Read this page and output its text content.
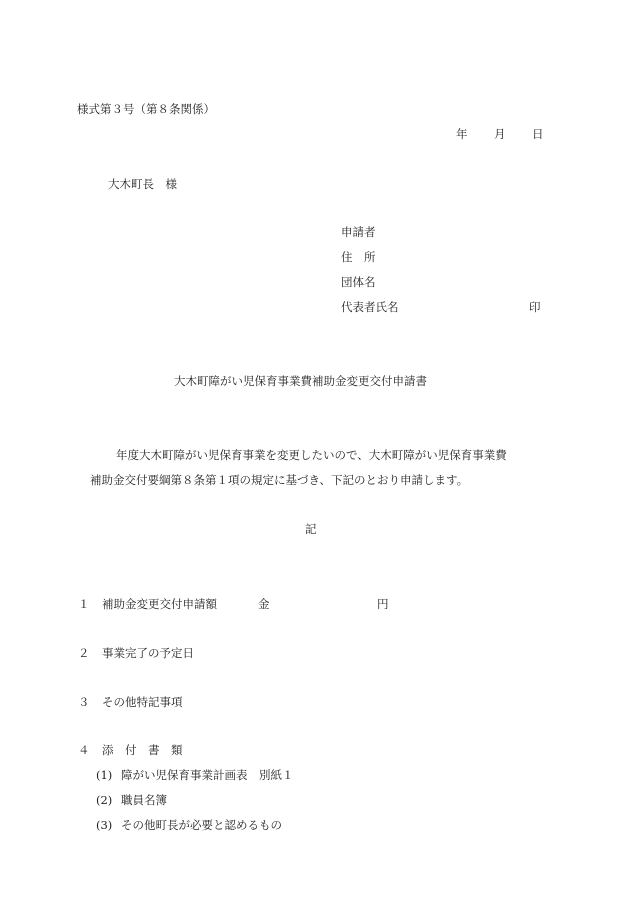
様式第３号（第８条関係）
年 月 日
大木町長　様
申請者
住　所
団体名
代表者氏名	印
大木町障がい児保育事業費補助金変更交付申請書
年度大木町障がい児保育事業を変更したいので、大木町障がい児保育事業費
補助金交付要綱第８条第１項の規定に基づき、下記のとおり申請します。
記
１ 補助金変更交付申請額	金	円
２ 事業完了の予定日
３ その他特記事項
４ 添　付　書　類
(1) 障がい児保育事業計画表　別紙１
(2) 職員名簿
(3) その他町長が必要と認めるもの
